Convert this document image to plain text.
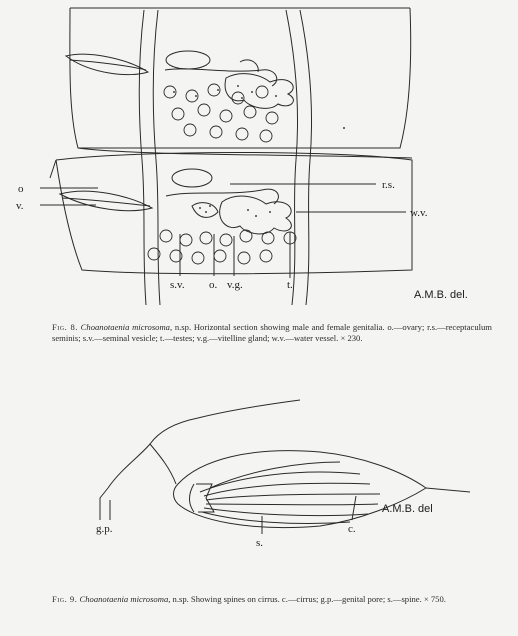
o
v.
r.s.
w.v.
s.v. o. v.g.	t.
A.M.B. del.
Fig. 8. Choanotaenia microsoma, n.sp. Horizontal section showing male and female genitalia. o.—ovary; r.s.—receptaculum seminis; s.v.—seminal vesicle; t.—testes; v.g.—vitelline gland; w.v.—water vessel. × 230.
g.p.
s.
c.
A.M.B. del
Fig. 9. Choanotaenia microsoma, n.sp. Showing spines on cirrus. c.—cirrus; g.p.—genital pore; s.—spine. × 750.
